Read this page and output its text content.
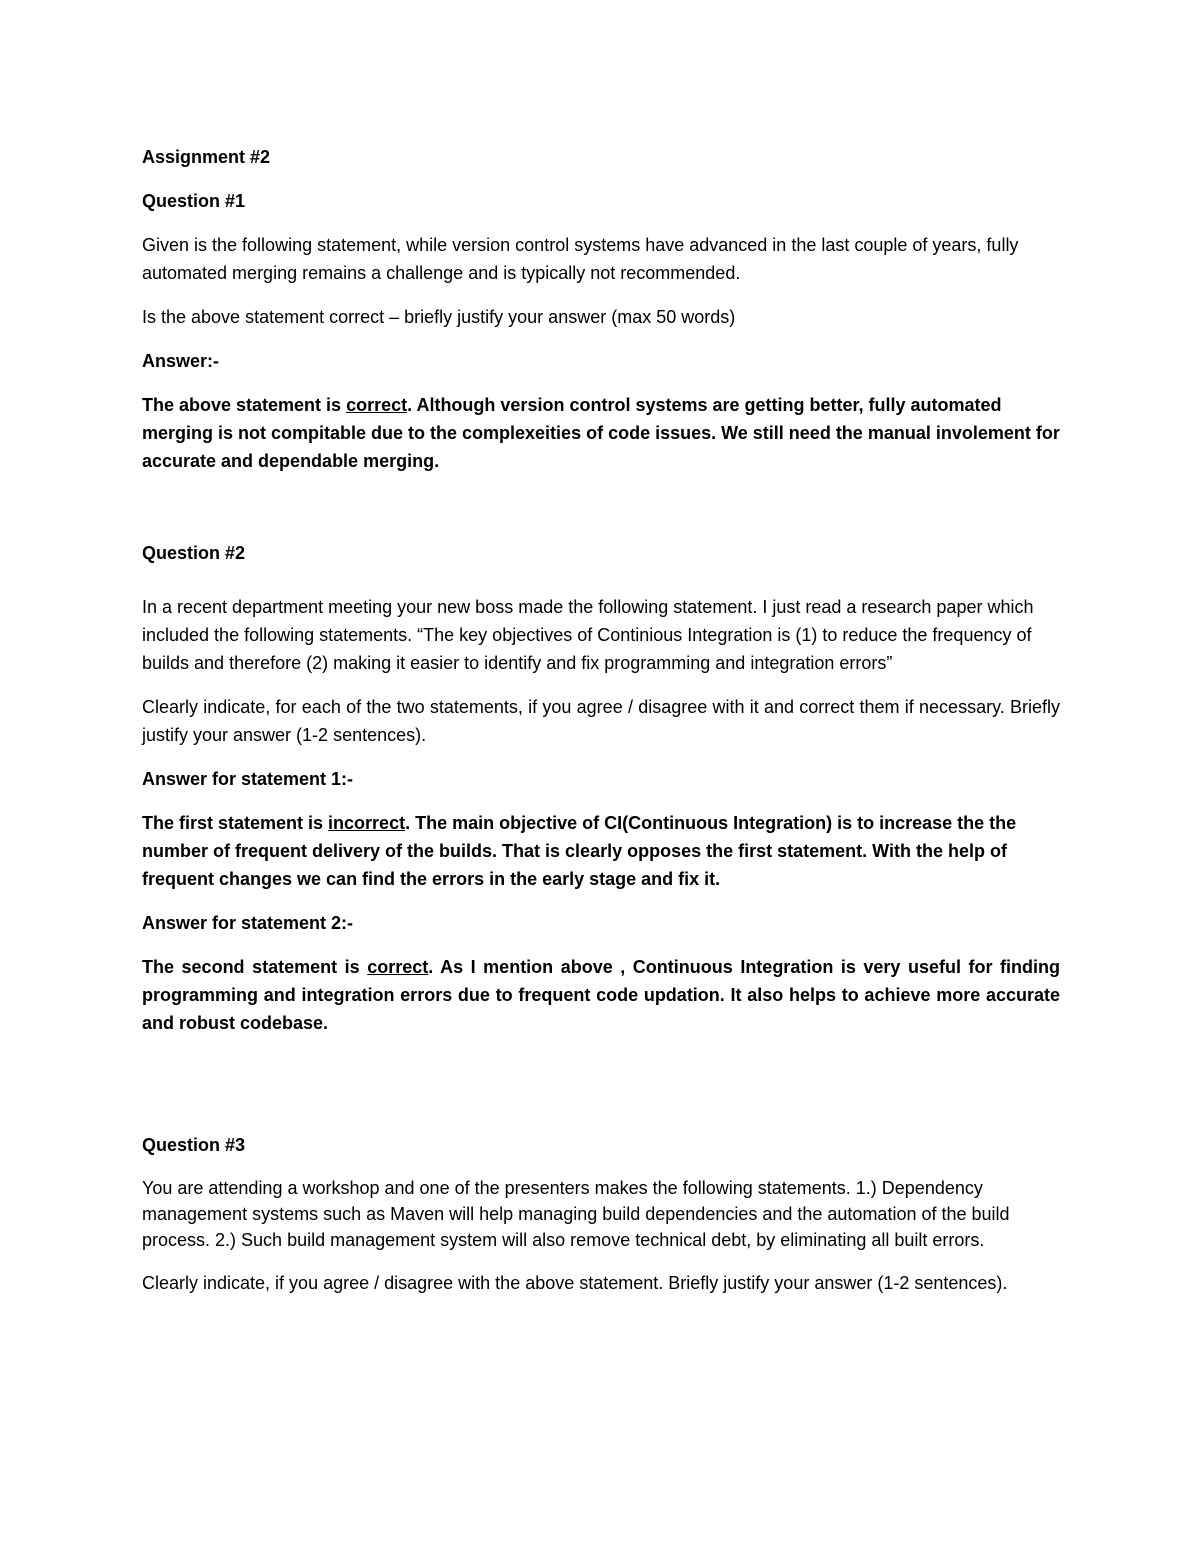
Assignment #2

Question #1

Given is the following statement, while version control systems have advanced in the last couple of years, fully automated merging remains a challenge and is typically not recommended.

Is the above statement correct – briefly justify your answer (max 50 words)

Answer:-

The above statement is correct. Although version control systems are getting better, fully automated merging is not compitable due to the complexeities of code issues. We still need the manual involement for accurate and dependable merging.

Question #2

In a recent department meeting your new boss made the following statement. I just read a research paper which included the following statements. “The key objectives of Continious Integration is (1) to reduce the frequency of builds and therefore (2) making it easier to identify and fix programming and integration errors”

Clearly indicate, for each of the two statements, if you agree / disagree with it and correct them if necessary. Briefly justify your answer (1-2 sentences).

Answer for statement 1:-

The first statement is incorrect. The main objective of CI(Continuous Integration) is to increase the the number of frequent delivery of the builds. That is clearly opposes the first statement. With the help of frequent changes we can find the errors in the early stage and fix it.

Answer for statement 2:-

The second statement is correct. As I mention above , Continuous Integration is very useful for finding programming and integration errors due to frequent code updation. It also helps to achieve more accurate and robust codebase.

Question #3

You are attending a workshop and one of the presenters makes the following statements. 1.) Dependency management systems such as Maven will help managing build dependencies and the automation of the build process. 2.) Such build management system will also remove technical debt, by eliminating all built errors.

Clearly indicate, if you agree / disagree with the above statement. Briefly justify your answer (1-2 sentences).
